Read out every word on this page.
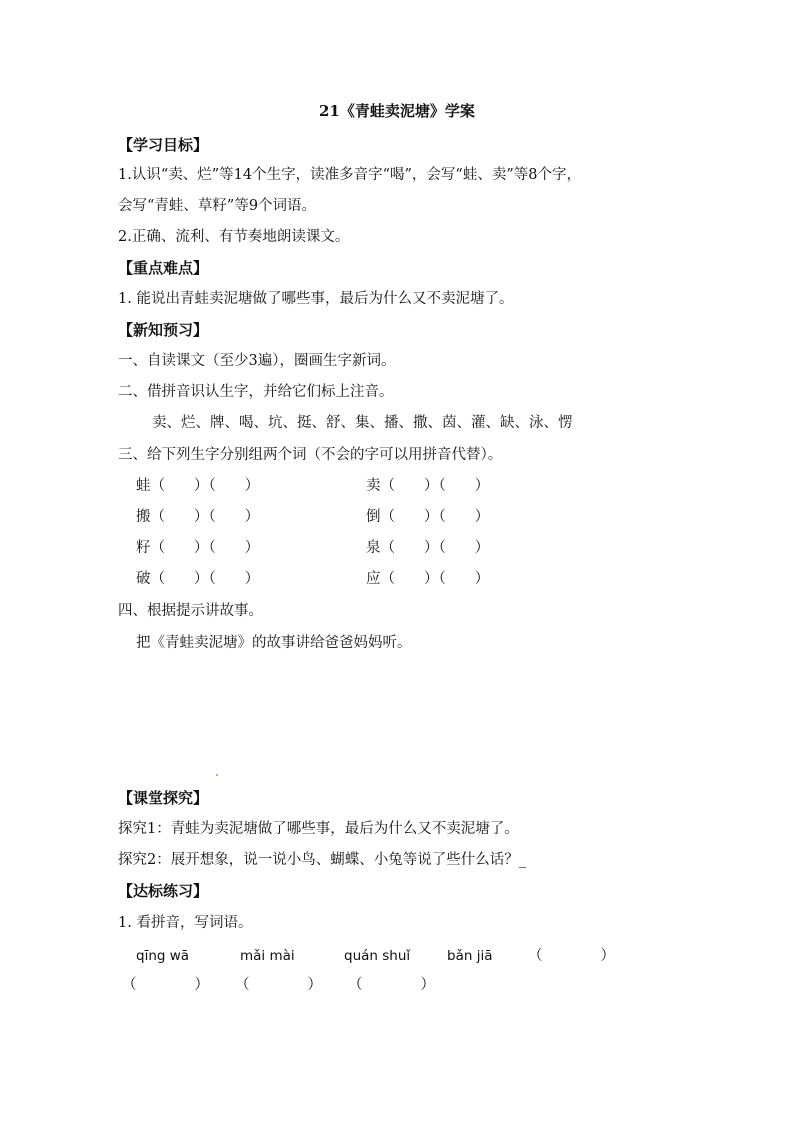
21《青蛙卖泥塘》学案
【学习目标】
1.认识“卖、烂”等14个生字，读准多音字“喝”，会写“蛙、卖”等8个字，
会写“青蛙、草籽”等9个词语。
2.正确、流利、有节奏地朗读课文。
【重点难点】
1. 能说出青蛙卖泥塘做了哪些事，最后为什么又不卖泥塘了。
【新知预习】
一、自读课文（至少3遍），圈画生字新词。
二、借拼音识认生字，并给它们标上注音。
卖、烂、牌、喝、坑、挺、舒、集、播、撒、茵、灌、缺、泳、愣
三、给下列生字分别组两个词（不会的字可以用拼音代替）。
蛙（　　）（　　）	卖（　　）（　　）
搬（　　）（　　）	倒（　　）（　　）
籽（　　）（　　）	泉（　　）（　　）
破（　　）（　　）	应（　　）（　　）
四、根据提示讲故事。
把《青蛙卖泥塘》的故事讲给爸爸妈妈听。
【课堂探究】
探究1：青蛙为卖泥塘做了哪些事，最后为什么又不卖泥塘了。
探究2：展开想象，说一说小鸟、蝴蝶、小兔等说了些什么话？_
【达标练习】
1. 看拼音，写词语。
qīng wā	mǎi mài	quán shuǐ	bǎn jiā （　　　　）
（　　　　） （　　　　） （　　　　）
